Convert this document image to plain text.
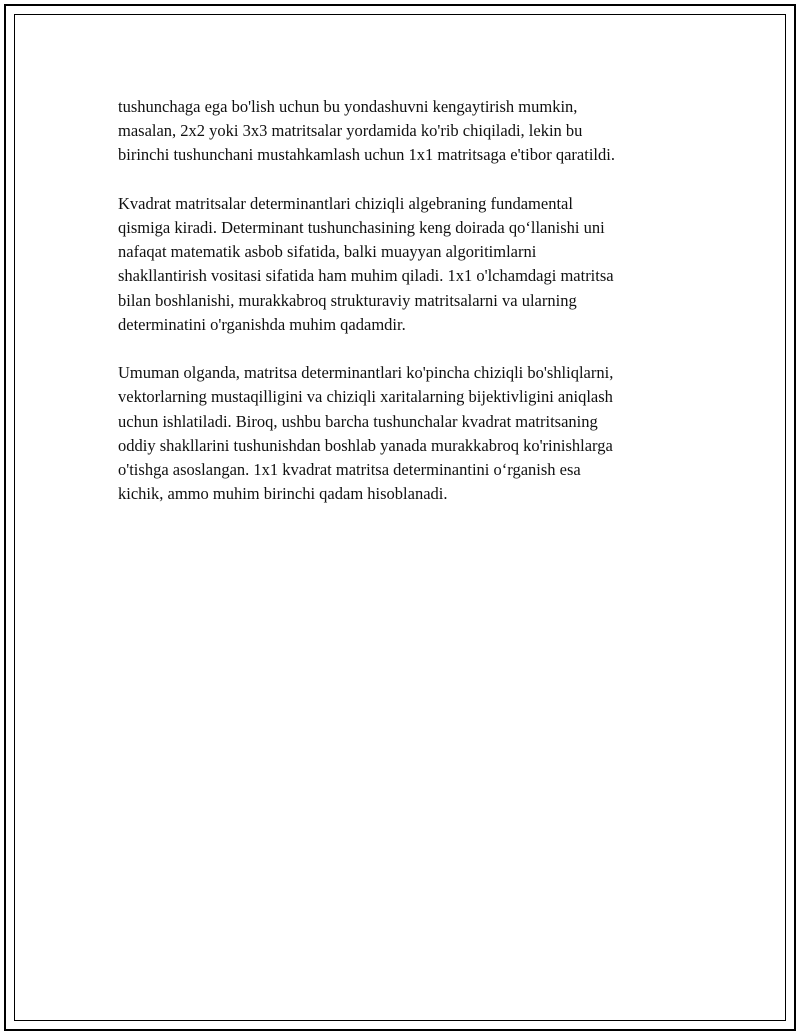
tushunchaga ega bo'lish uchun bu yondashuvni kengaytirish mumkin,
masalan, 2x2 yoki 3x3 matritsalar yordamida ko'rib chiqiladi, lekin bu
birinchi tushunchani mustahkamlash uchun 1x1 matritsaga e'tibor qaratildi.

Kvadrat matritsalar determinantlari chiziqli algebraning fundamental
qismiga kiradi. Determinant tushunchasining keng doirada qo‘llanishi uni
nafaqat matematik asbob sifatida, balki muayyan algoritimlarni
shakllantirish vositasi sifatida ham muhim qiladi. 1x1 o'lchamdagi matritsa
bilan boshlanishi, murakkabroq strukturaviy matritsalarni va ularning
determinatini o'rganishda muhim qadamdir.

Umuman olganda, matritsa determinantlari ko'pincha chiziqli bo'shliqlarni,
vektorlarning mustaqilligini va chiziqli xaritalarning bijektivligini aniqlash
uchun ishlatiladi. Biroq, ushbu barcha tushunchalar kvadrat matritsaning
oddiy shakllarini tushunishdan boshlab yanada murakkabroq ko'rinishlarga
o'tishga asoslangan. 1x1 kvadrat matritsa determinantini o‘rganish esa
kichik, ammo muhim birinchi qadam hisoblanadi.
